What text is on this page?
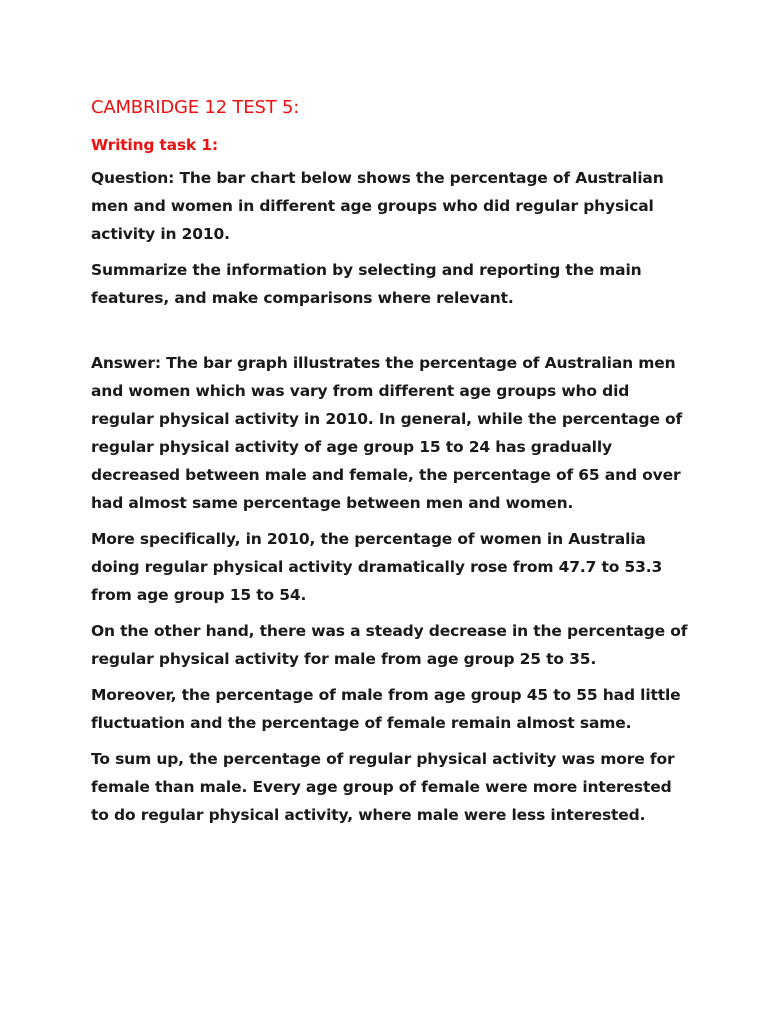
CAMBRIDGE 12 TEST 5:
Writing task 1:

Question: The bar chart below shows the percentage of Australian men and women in different age groups who did regular physical activity in 2010.

Summarize the information by selecting and reporting the main features, and make comparisons where relevant.

Answer: The bar graph illustrates the percentage of Australian men and women which was vary from different age groups who did regular physical activity in 2010. In general, while the percentage of regular physical activity of age group 15 to 24 has gradually decreased between male and female, the percentage of 65 and over had almost same percentage between men and women.

More specifically, in 2010, the percentage of women in Australia doing regular physical activity dramatically rose from 47.7 to 53.3 from age group 15 to 54.

On the other hand, there was a steady decrease in the percentage of regular physical activity for male from age group 25 to 35.

Moreover, the percentage of male from age group 45 to 55 had little fluctuation and the percentage of female remain almost same.

To sum up, the percentage of regular physical activity was more for female than male. Every age group of female were more interested to do regular physical activity, where male were less interested.
